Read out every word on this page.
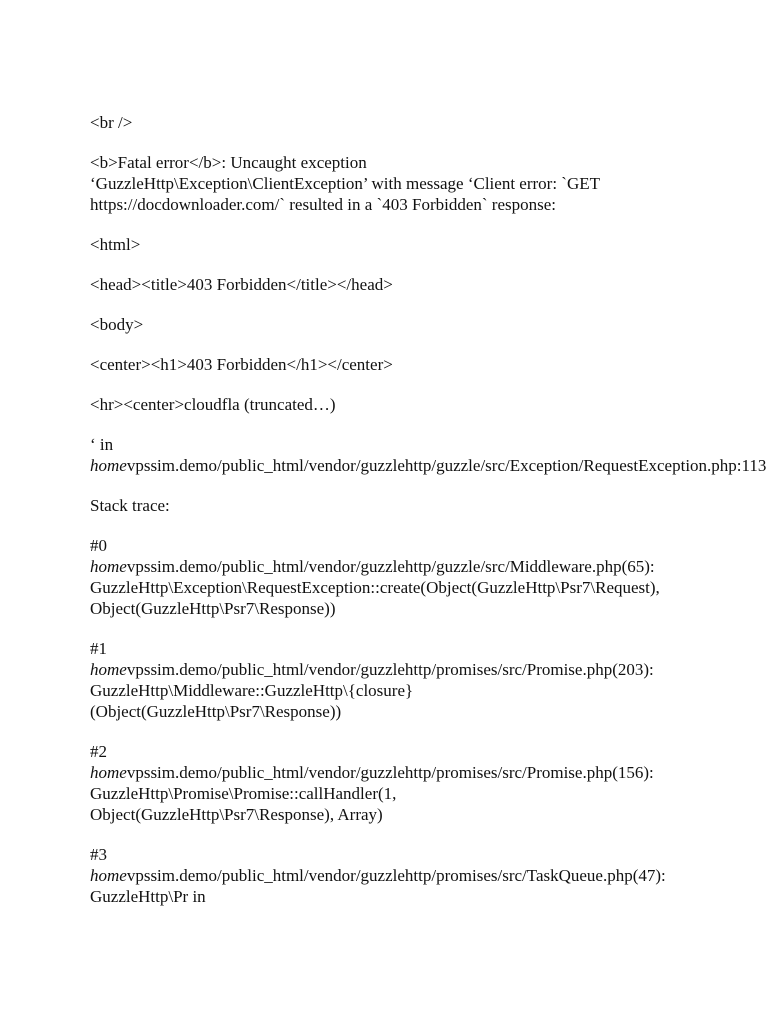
<br />

<b>Fatal error</b>: Uncaught exception
‘GuzzleHttp\Exception\ClientException’ with message ‘Client error: `GET
https://docdownloader.com/` resulted in a `403 Forbidden` response:

<html>

<head><title>403 Forbidden</title></head>

<body>

<center><h1>403 Forbidden</h1></center>

<hr><center>cloudfla (truncated…)

‘ in
homevpssim.demo/public_html/vendor/guzzlehttp/guzzle/src/Exception/RequestException.php:113

Stack trace:

#0
homevpssim.demo/public_html/vendor/guzzlehttp/guzzle/src/Middleware.php(65):
GuzzleHttp\Exception\RequestException::create(Object(GuzzleHttp\Psr7\Request),
Object(GuzzleHttp\Psr7\Response))

#1
homevpssim.demo/public_html/vendor/guzzlehttp/promises/src/Promise.php(203):
GuzzleHttp\Middleware::GuzzleHttp\{closure}
(Object(GuzzleHttp\Psr7\Response))

#2
homevpssim.demo/public_html/vendor/guzzlehttp/promises/src/Promise.php(156):
GuzzleHttp\Promise\Promise::callHandler(1,
Object(GuzzleHttp\Psr7\Response), Array)

#3
homevpssim.demo/public_html/vendor/guzzlehttp/promises/src/TaskQueue.php(47):
GuzzleHttp\Pr in
